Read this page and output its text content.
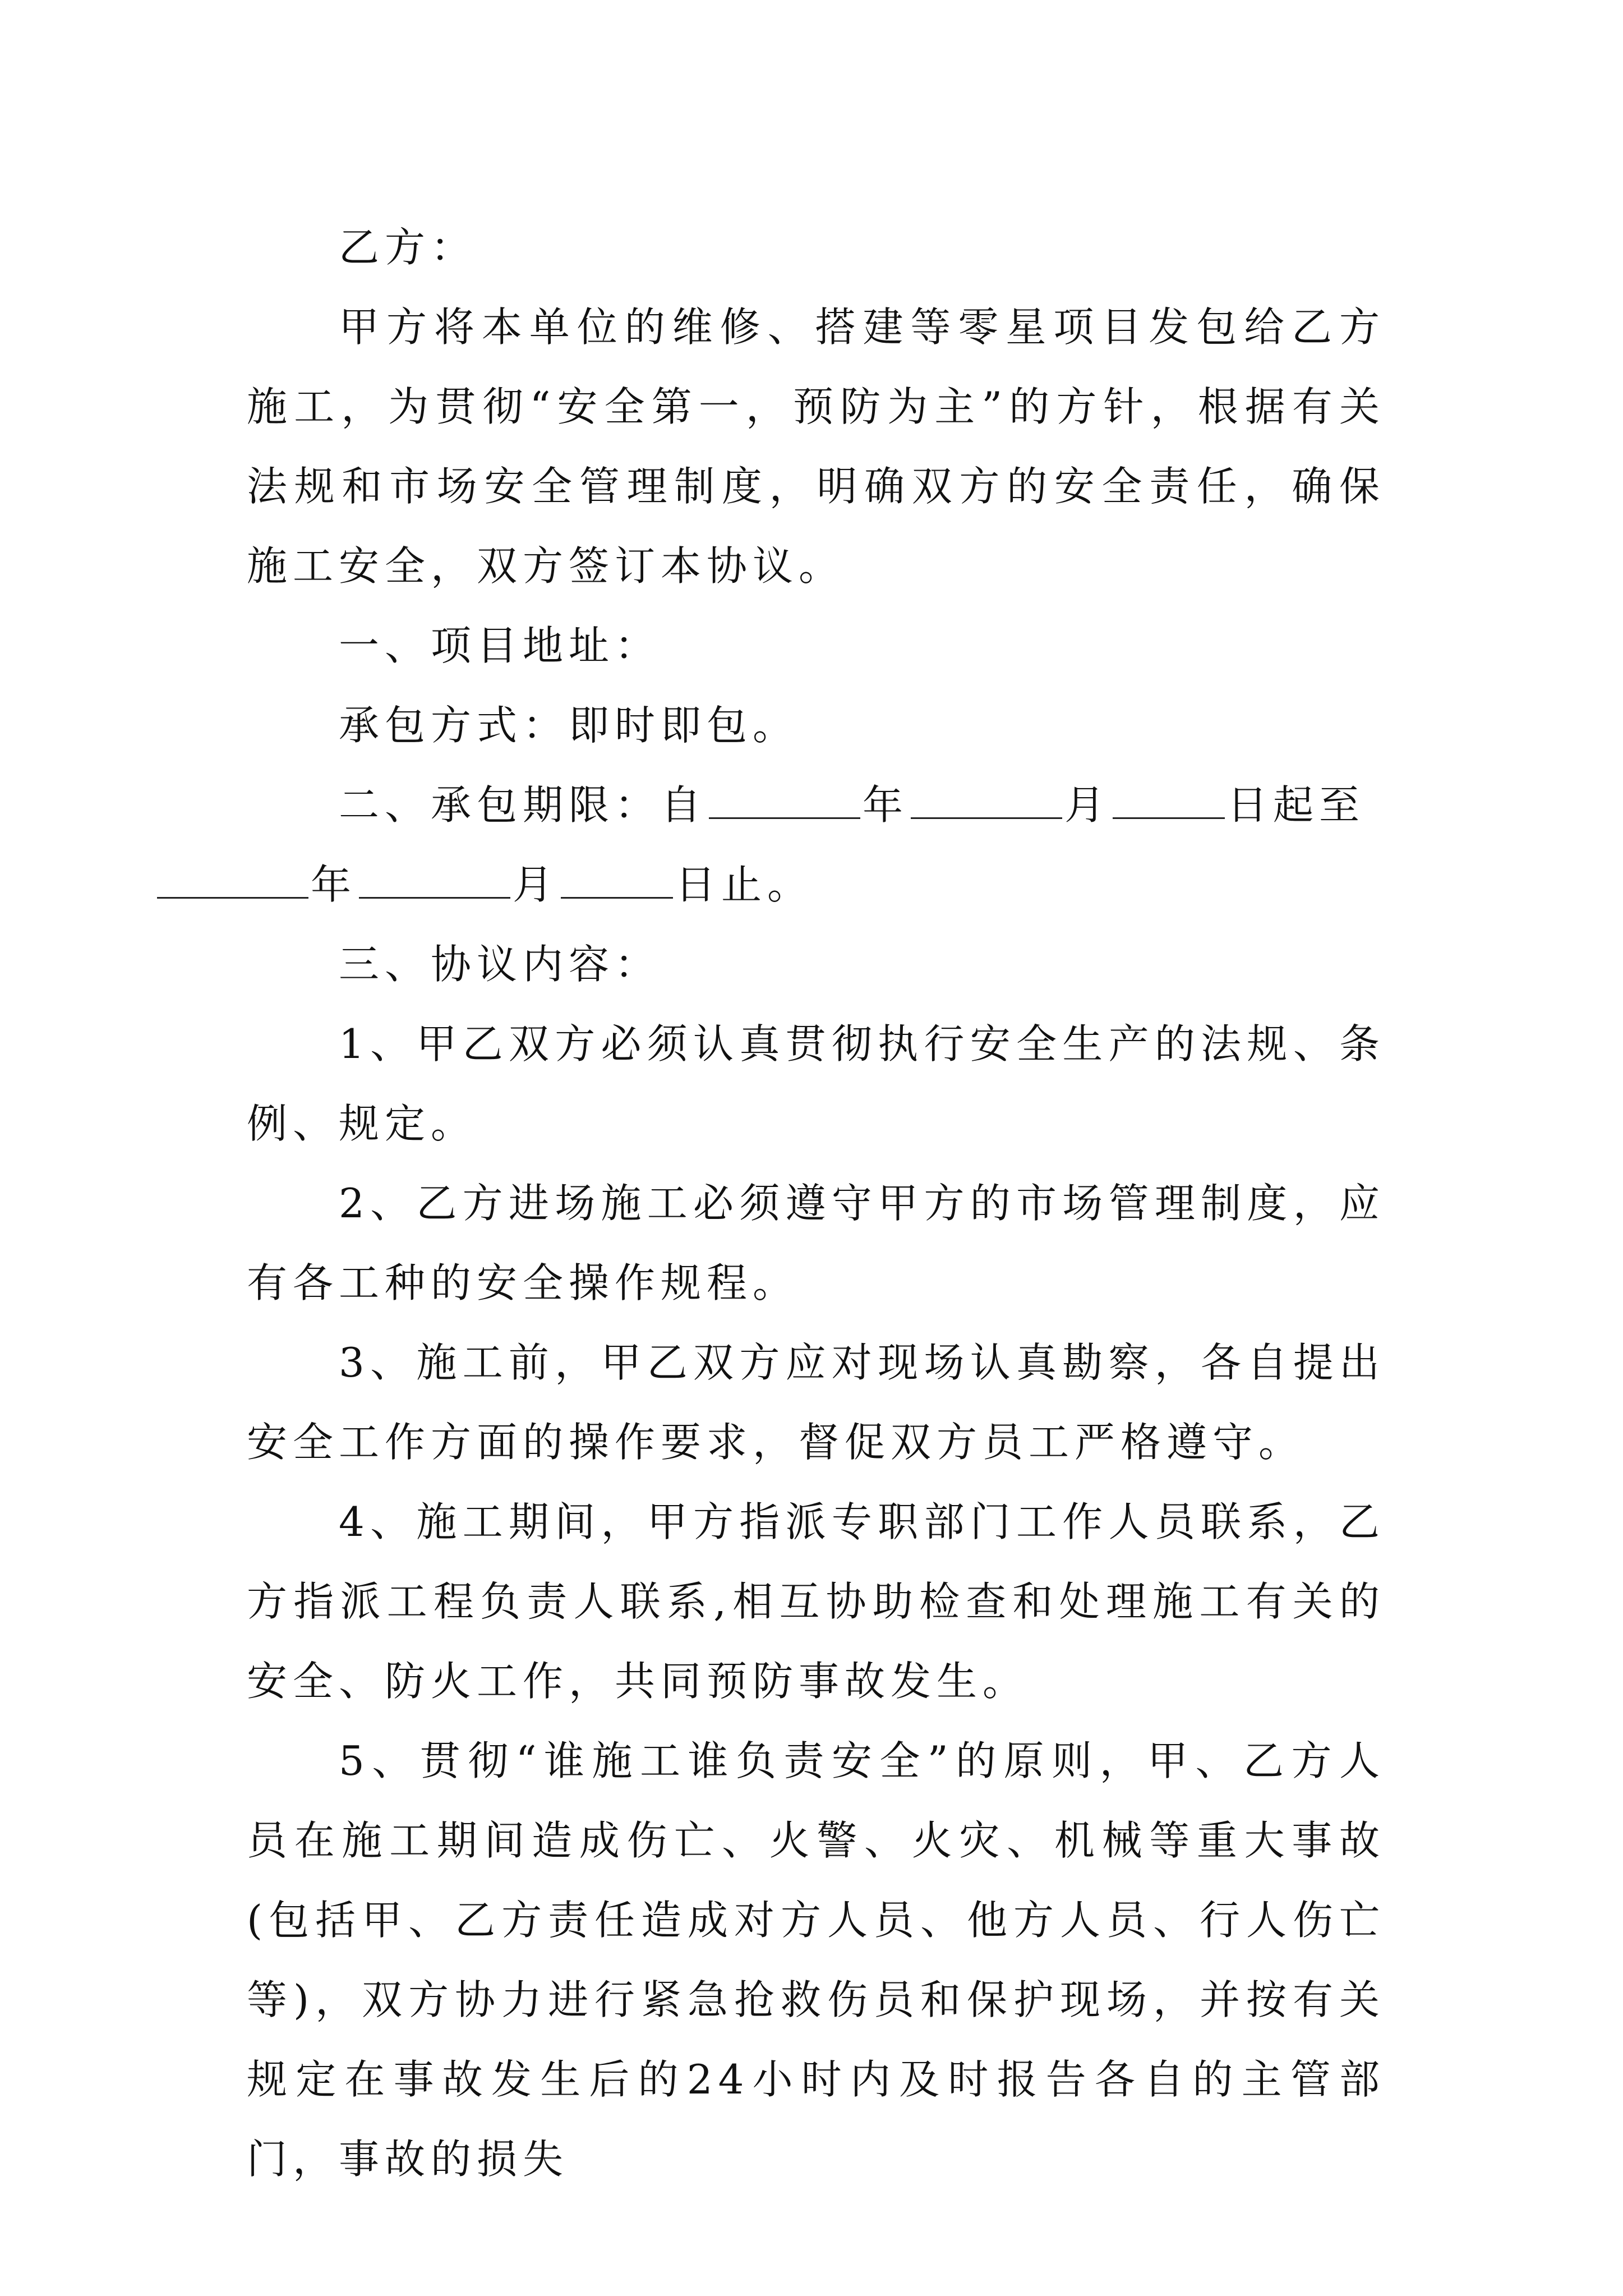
乙方：

甲方将本单位的维修、搭建等零星项目发包给乙方施工，为贯彻“安全第一，预防为主”的方针，根据有关法规和市场安全管理制度，明确双方的安全责任，确保施工安全，双方签订本协议。

一、项目地址：

承包方式：即时即包。

二、承包期限：自	年	月	日起至
年	月	日止。

三、协议内容：

1、甲乙双方必须认真贯彻执行安全生产的法规、条例、规定。

2、乙方进场施工必须遵守甲方的市场管理制度，应有各工种的安全操作规程。

3、施工前，甲乙双方应对现场认真勘察，各自提出安全工作方面的操作要求，督促双方员工严格遵守。

4、施工期间，甲方指派专职部门工作人员联系，乙方指派工程负责人联系,相互协助检查和处理施工有关的安全、防火工作，共同预防事故发生。

5、贯彻“谁施工谁负责安全”的原则，甲、乙方人员在施工期间造成伤亡、火警、火灾、机械等重大事故(包括甲、乙方责任造成对方人员、他方人员、行人伤亡等)，双方协力进行紧急抢救伤员和保护现场，并按有关规定在事故发生后的24小时内及时报告各自的主管部门，事故的损失
